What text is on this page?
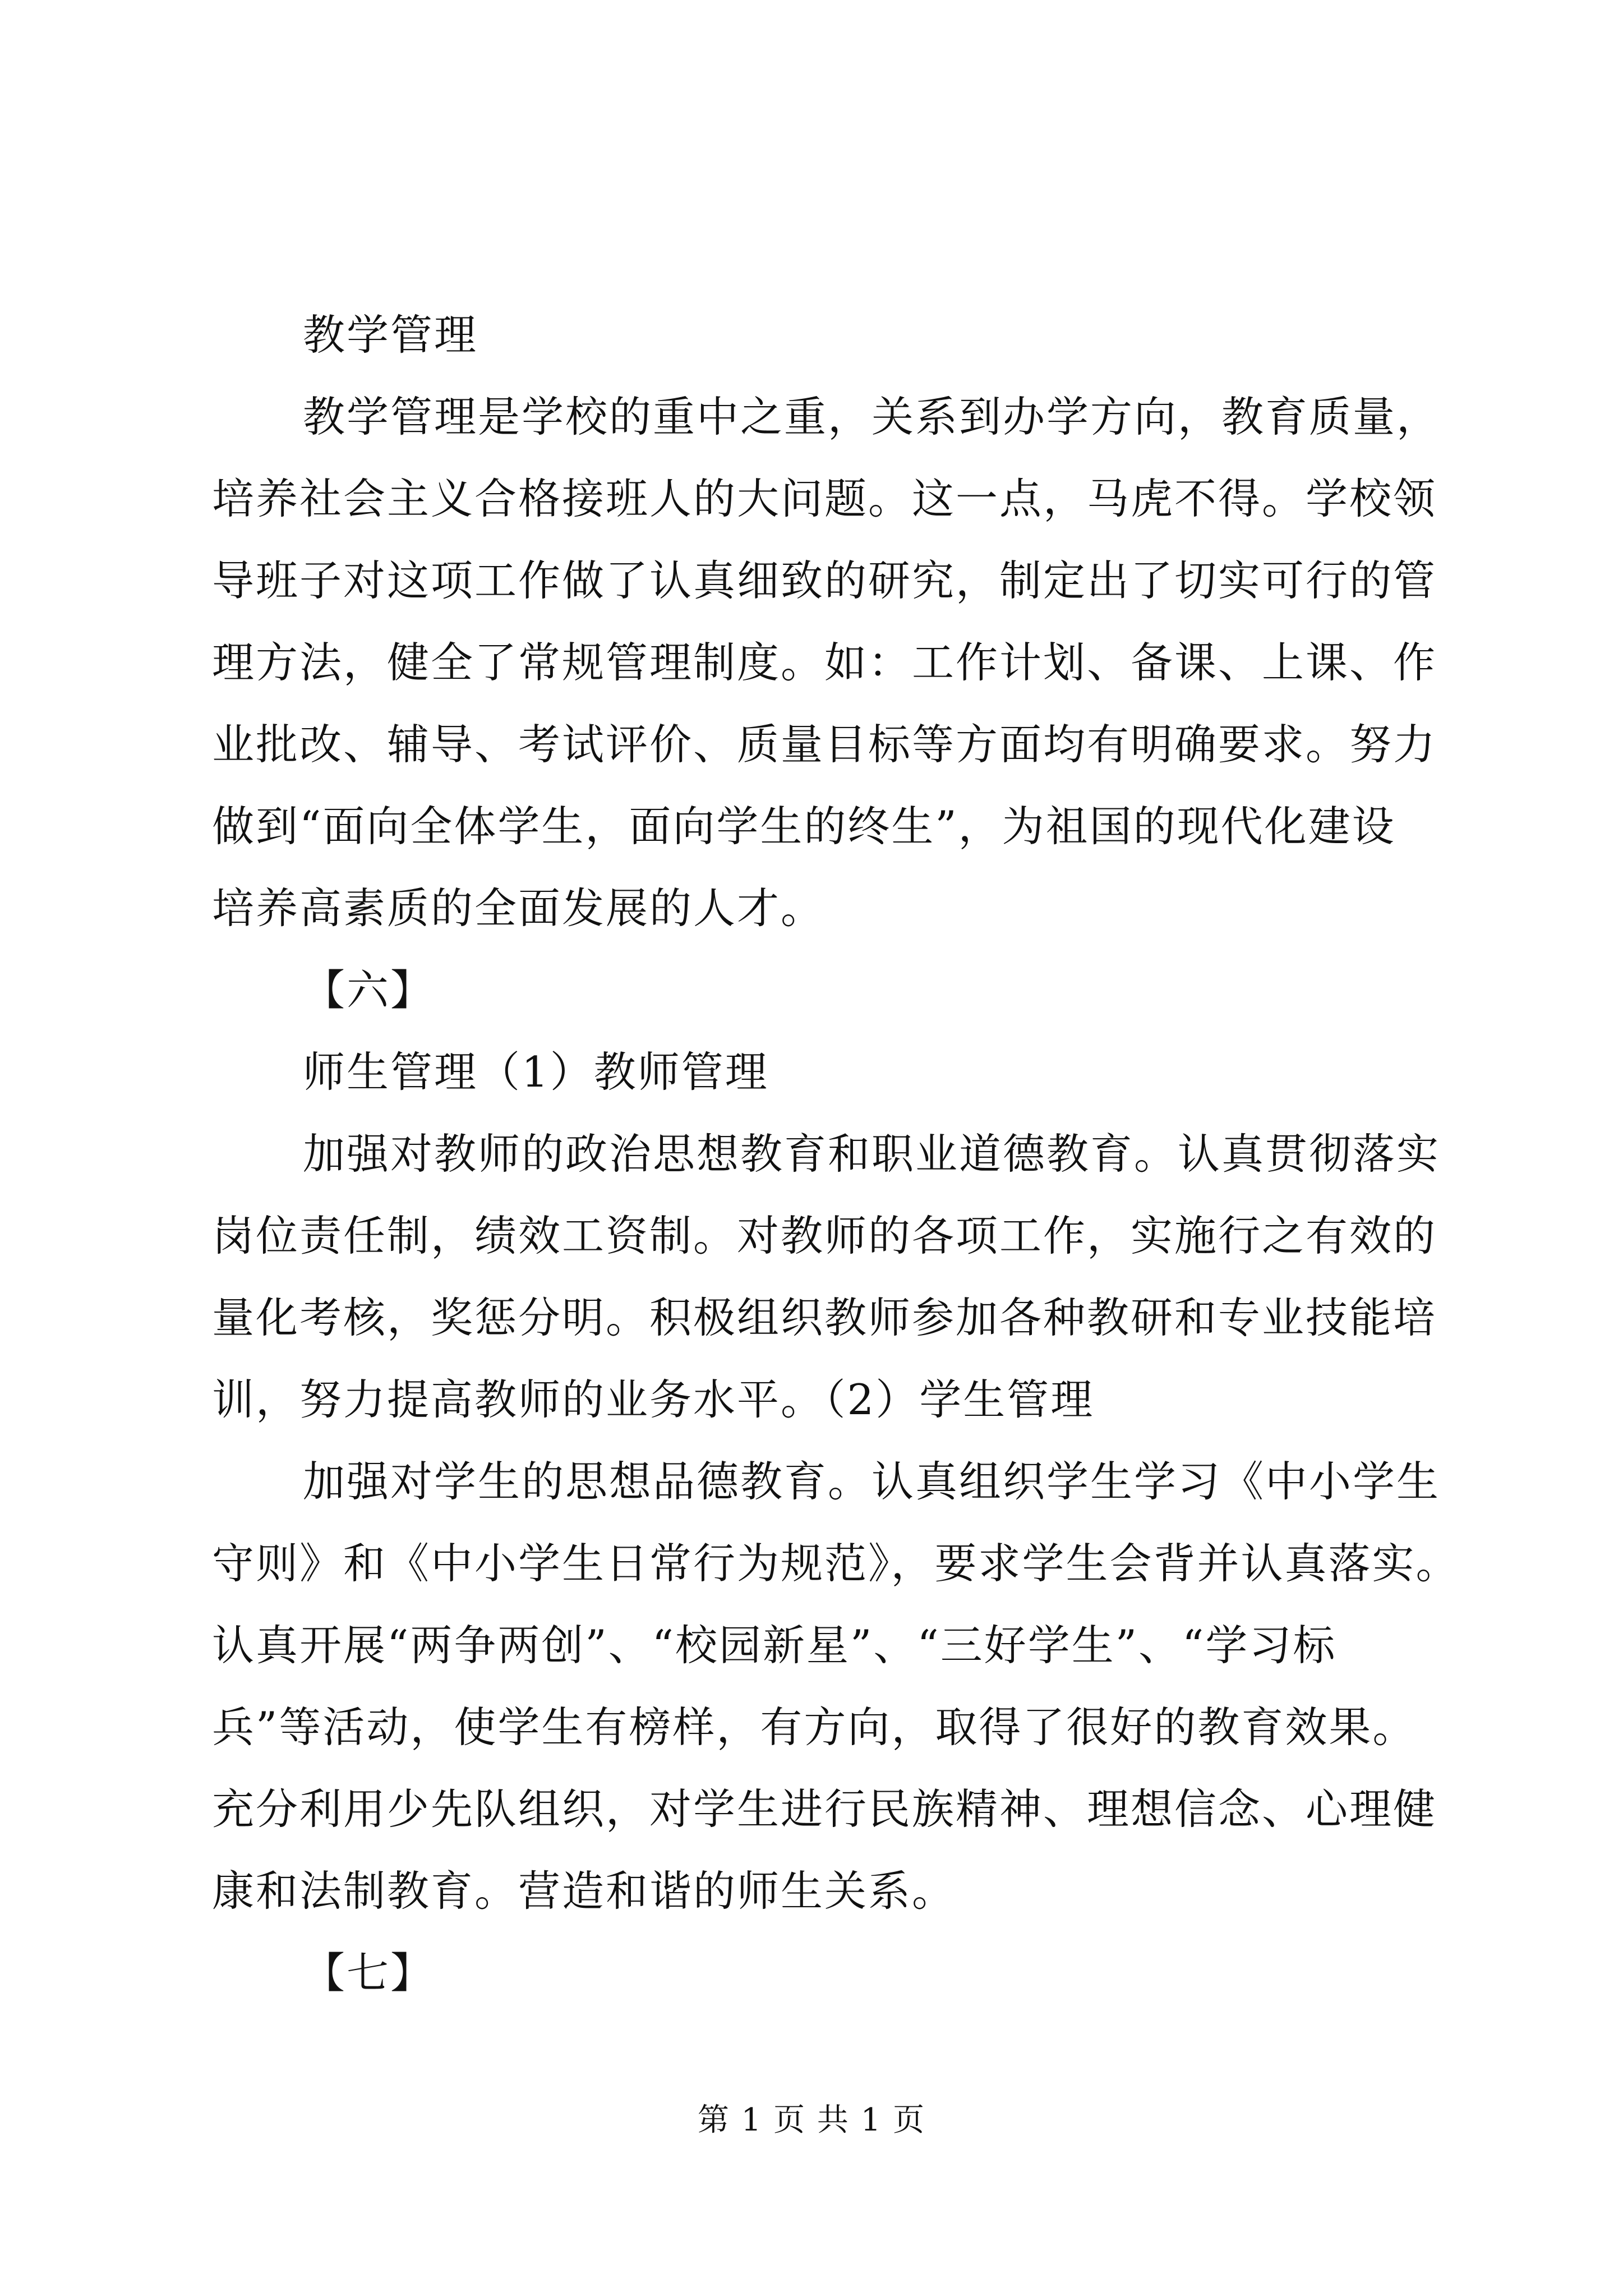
教学管理
教学管理是学校的重中之重，关系到办学方向，教育质量，
培养社会主义合格接班人的大问题。这一点，马虎不得。学校领
导班子对这项工作做了认真细致的研究，制定出了切实可行的管
理方法，健全了常规管理制度。如：工作计划、备课、上课、作
业批改、辅导、考试评价、质量目标等方面均有明确要求。努力
做到“面向全体学生，面向学生的终生”，为祖国的现代化建设
培养高素质的全面发展的人才。
【六】
师生管理（1）教师管理
加强对教师的政治思想教育和职业道德教育。认真贯彻落实
岗位责任制，绩效工资制。对教师的各项工作，实施行之有效的
量化考核，奖惩分明。积极组织教师参加各种教研和专业技能培
训，努力提高教师的业务水平。（2）学生管理
加强对学生的思想品德教育。认真组织学生学习《中小学生
守则》和《中小学生日常行为规范》，要求学生会背并认真落实。
认真开展“两争两创”、“校园新星”、“三好学生”、“学习标
兵”等活动，使学生有榜样，有方向，取得了很好的教育效果。
充分利用少先队组织，对学生进行民族精神、理想信念、心理健
康和法制教育。营造和谐的师生关系。
【七】
第 1 页 共 1 页
